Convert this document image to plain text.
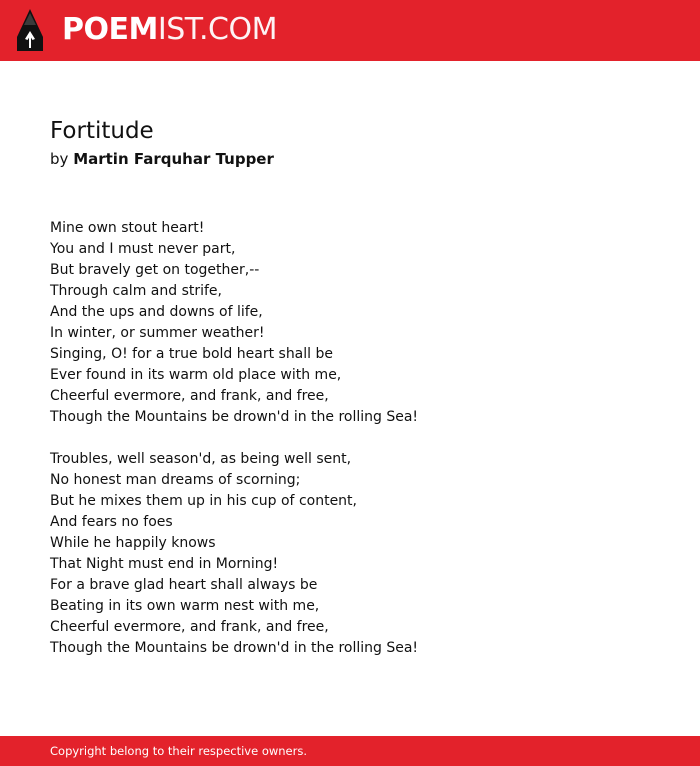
POEMIST.COM
Fortitude
by Martin Farquhar Tupper
Mine own stout heart!
You and I must never part,
But bravely get on together,--
Through calm and strife,
And the ups and downs of life,
In winter, or summer weather!
Singing, O! for a true bold heart shall be
Ever found in its warm old place with me,
Cheerful evermore, and frank, and free,
Though the Mountains be drown'd in the rolling Sea!
Troubles, well season'd, as being well sent,
No honest man dreams of scorning;
But he mixes them up in his cup of content,
And fears no foes
While he happily knows
That Night must end in Morning!
For a brave glad heart shall always be
Beating in its own warm nest with me,
Cheerful evermore, and frank, and free,
Though the Mountains be drown'd in the rolling Sea!
Copyright belong to their respective owners.
